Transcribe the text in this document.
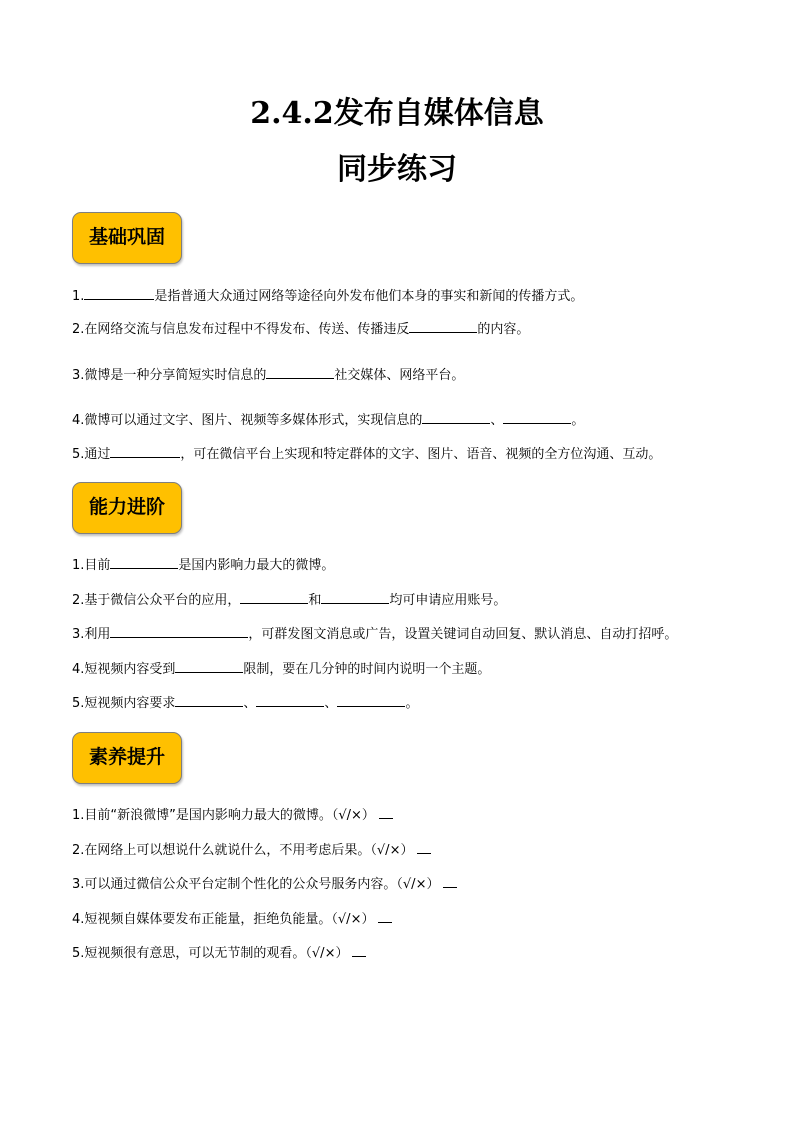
2.4.2发布自媒体信息
同步练习
基础巩固
1.	是指普通大众通过网络等途径向外发布他们本身的事实和新闻的传播方式。
2.在网络交流与信息发布过程中不得发布、传送、传播违反	的内容。
3.微博是一种分享简短实时信息的	社交媒体、网络平台。
4.微博可以通过文字、图片、视频等多媒体形式，实现信息的	、	。
5.通过	，可在微信平台上实现和特定群体的文字、图片、语音、视频的全方位沟通、互动。
能力进阶
1.目前	是国内影响力最大的微博。
2.基于微信公众平台的应用，	和	均可申请应用账号。
3.利用	，可群发图文消息或广告，设置关键词自动回复、默认消息、自动打招呼。
4.短视频内容受到	限制，要在几分钟的时间内说明一个主题。
5.短视频内容要求	、	、	。
素养提升
1.目前“新浪微博”是国内影响力最大的微博。（√/×）
2.在网络上可以想说什么就说什么，不用考虑后果。（√/×）
3.可以通过微信公众平台定制个性化的公众号服务内容。（√/×）
4.短视频自媒体要发布正能量，拒绝负能量。（√/×）
5.短视频很有意思，可以无节制的观看。（√/×）
